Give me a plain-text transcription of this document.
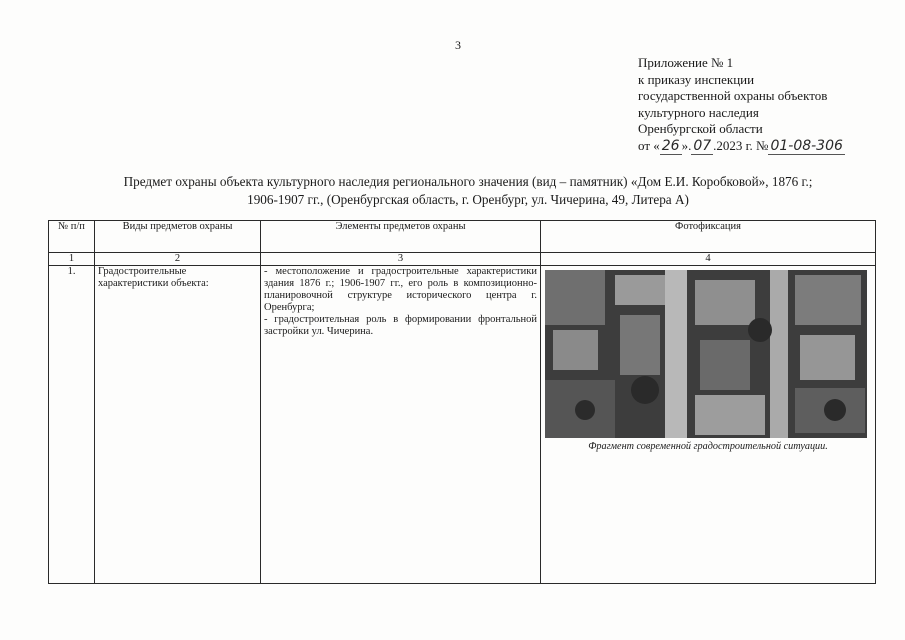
3
Приложение № 1
к приказу инспекции
государственной охраны объектов
культурного наследия
Оренбургской области
от « 26 ». 07 .2023 г. № 01-08-306
Предмет охраны объекта культурного наследия регионального значения (вид – памятник) «Дом Е.И. Коробковой», 1876 г.;
1906-1907 гг., (Оренбургская область, г. Оренбург, ул. Чичерина, 49, Литера А)
№ п/п	Виды предметов охраны	Элементы предметов охраны	Фотофиксация
1	2	3	4
1.	Градостроительные характеристики объекта:	- местоположение и градостроительные характеристики здания 1876 г.; 1906-1907 гг., его роль в композиционно-планировочной структуре исторического центра г. Оренбурга;
- градостроительная роль в формировании фронтальной застройки ул. Чичерина.	Фрагмент современной градостроительной ситуации.
